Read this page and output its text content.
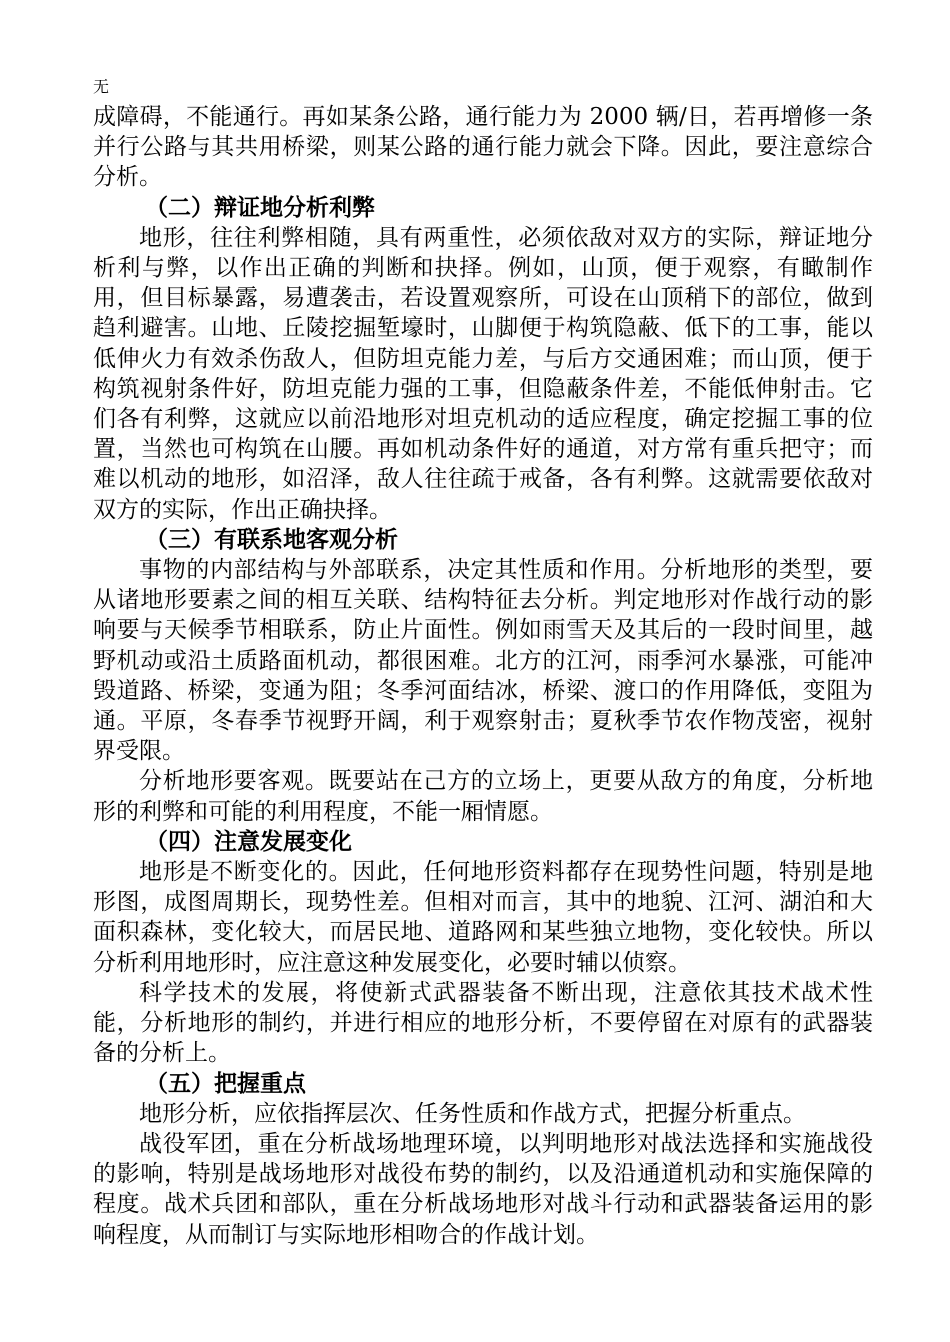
无

成障碍，不能通行。再如某条公路，通行能力为 2000 辆/日，若再增修一条并行公路与其共用桥梁，则某公路的通行能力就会下降。因此，要注意综合分析。

（二）辩证地分析利弊

地形，往往利弊相随，具有两重性，必须依敌对双方的实际，辩证地分析利与弊，以作出正确的判断和抉择。例如，山顶，便于观察，有瞰制作用，但目标暴露，易遭袭击，若设置观察所，可设在山顶稍下的部位，做到趋利避害。山地、丘陵挖掘堑壕时，山脚便于构筑隐蔽、低下的工事，能以低伸火力有效杀伤敌人，但防坦克能力差，与后方交通困难；而山顶，便于构筑视射条件好，防坦克能力强的工事，但隐蔽条件差，不能低伸射击。它们各有利弊，这就应以前沿地形对坦克机动的适应程度，确定挖掘工事的位置，当然也可构筑在山腰。再如机动条件好的通道，对方常有重兵把守；而难以机动的地形，如沼泽，敌人往往疏于戒备，各有利弊。这就需要依敌对双方的实际，作出正确抉择。

（三）有联系地客观分析

事物的内部结构与外部联系，决定其性质和作用。分析地形的类型，要从诸地形要素之间的相互关联、结构特征去分析。判定地形对作战行动的影响要与天候季节相联系，防止片面性。例如雨雪天及其后的一段时间里，越野机动或沿土质路面机动，都很困难。北方的江河，雨季河水暴涨，可能冲毁道路、桥梁，变通为阻；冬季河面结冰，桥梁、渡口的作用降低，变阻为通。平原，冬春季节视野开阔，利于观察射击；夏秋季节农作物茂密，视射界受限。

分析地形要客观。既要站在己方的立场上，更要从敌方的角度，分析地形的利弊和可能的利用程度，不能一厢情愿。

（四）注意发展变化

地形是不断变化的。因此，任何地形资料都存在现势性问题，特别是地形图，成图周期长，现势性差。但相对而言，其中的地貌、江河、湖泊和大面积森林，变化较大，而居民地、道路网和某些独立地物，变化较快。所以分析利用地形时，应注意这种发展变化，必要时辅以侦察。

科学技术的发展，将使新式武器装备不断出现，注意依其技术战术性能，分析地形的制约，并进行相应的地形分析，不要停留在对原有的武器装备的分析上。

（五）把握重点

地形分析，应依指挥层次、任务性质和作战方式，把握分析重点。

战役军团，重在分析战场地理环境，以判明地形对战法选择和实施战役的影响，特别是战场地形对战役布势的制约，以及沿通道机动和实施保障的程度。战术兵团和部队，重在分析战场地形对战斗行动和武器装备运用的影响程度，从而制订与实际地形相吻合的作战计划。
